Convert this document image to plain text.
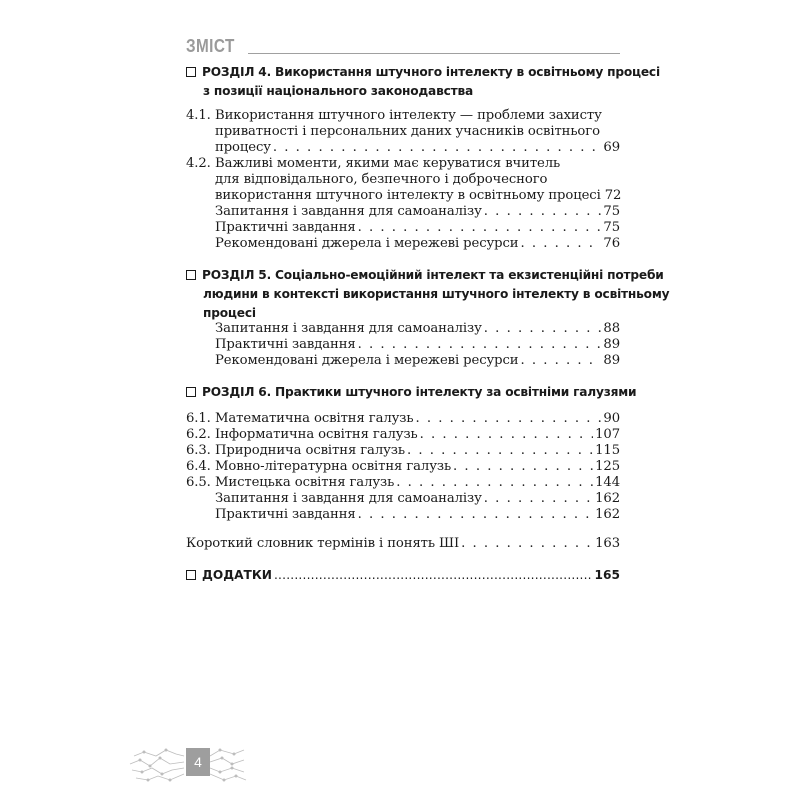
ЗМІСТ
РОЗДІЛ 4. Використання штучного інтелекту в освітньому процесі
з позиції національного законодавства
4.1. Використання штучного інтелекту — проблеми захисту
приватності і персональних даних учасників освітнього
процесу . . .	69
4.2. Важливі моменти, якими має керуватися вчитель
для відповідального, безпечного і доброчесного
використання штучного інтелекту в освітньому процесі 72
Запитання і завдання для самоаналізу . . .	75
Практичні завдання . . .	75
Рекомендовані джерела і мережеві ресурси . . .	76
РОЗДІЛ 5. Соціально-емоційний інтелект та екзистенційні потреби
людини в контексті використання штучного інтелекту в освітньому
процесі
Запитання і завдання для самоаналізу . . .	88
Практичні завдання . . .	89
Рекомендовані джерела і мережеві ресурси . . .	89
РОЗДІЛ 6. Практики штучного інтелекту за освітніми галузями
6.1. Математична освітня галузь . . .	90
6.2. Інформатична освітня галузь . . .	107
6.3. Природнича освітня галузь . . .	115
6.4. Мовно-літературна освітня галузь . . .	125
6.5. Мистецька освітня галузь . . .	144
Запитання і завдання для самоаналізу . . .	162
Практичні завдання . . .	162
Короткий словник термінів і понять ШІ . . .	163
ДОДАТКИ .....	165
4
